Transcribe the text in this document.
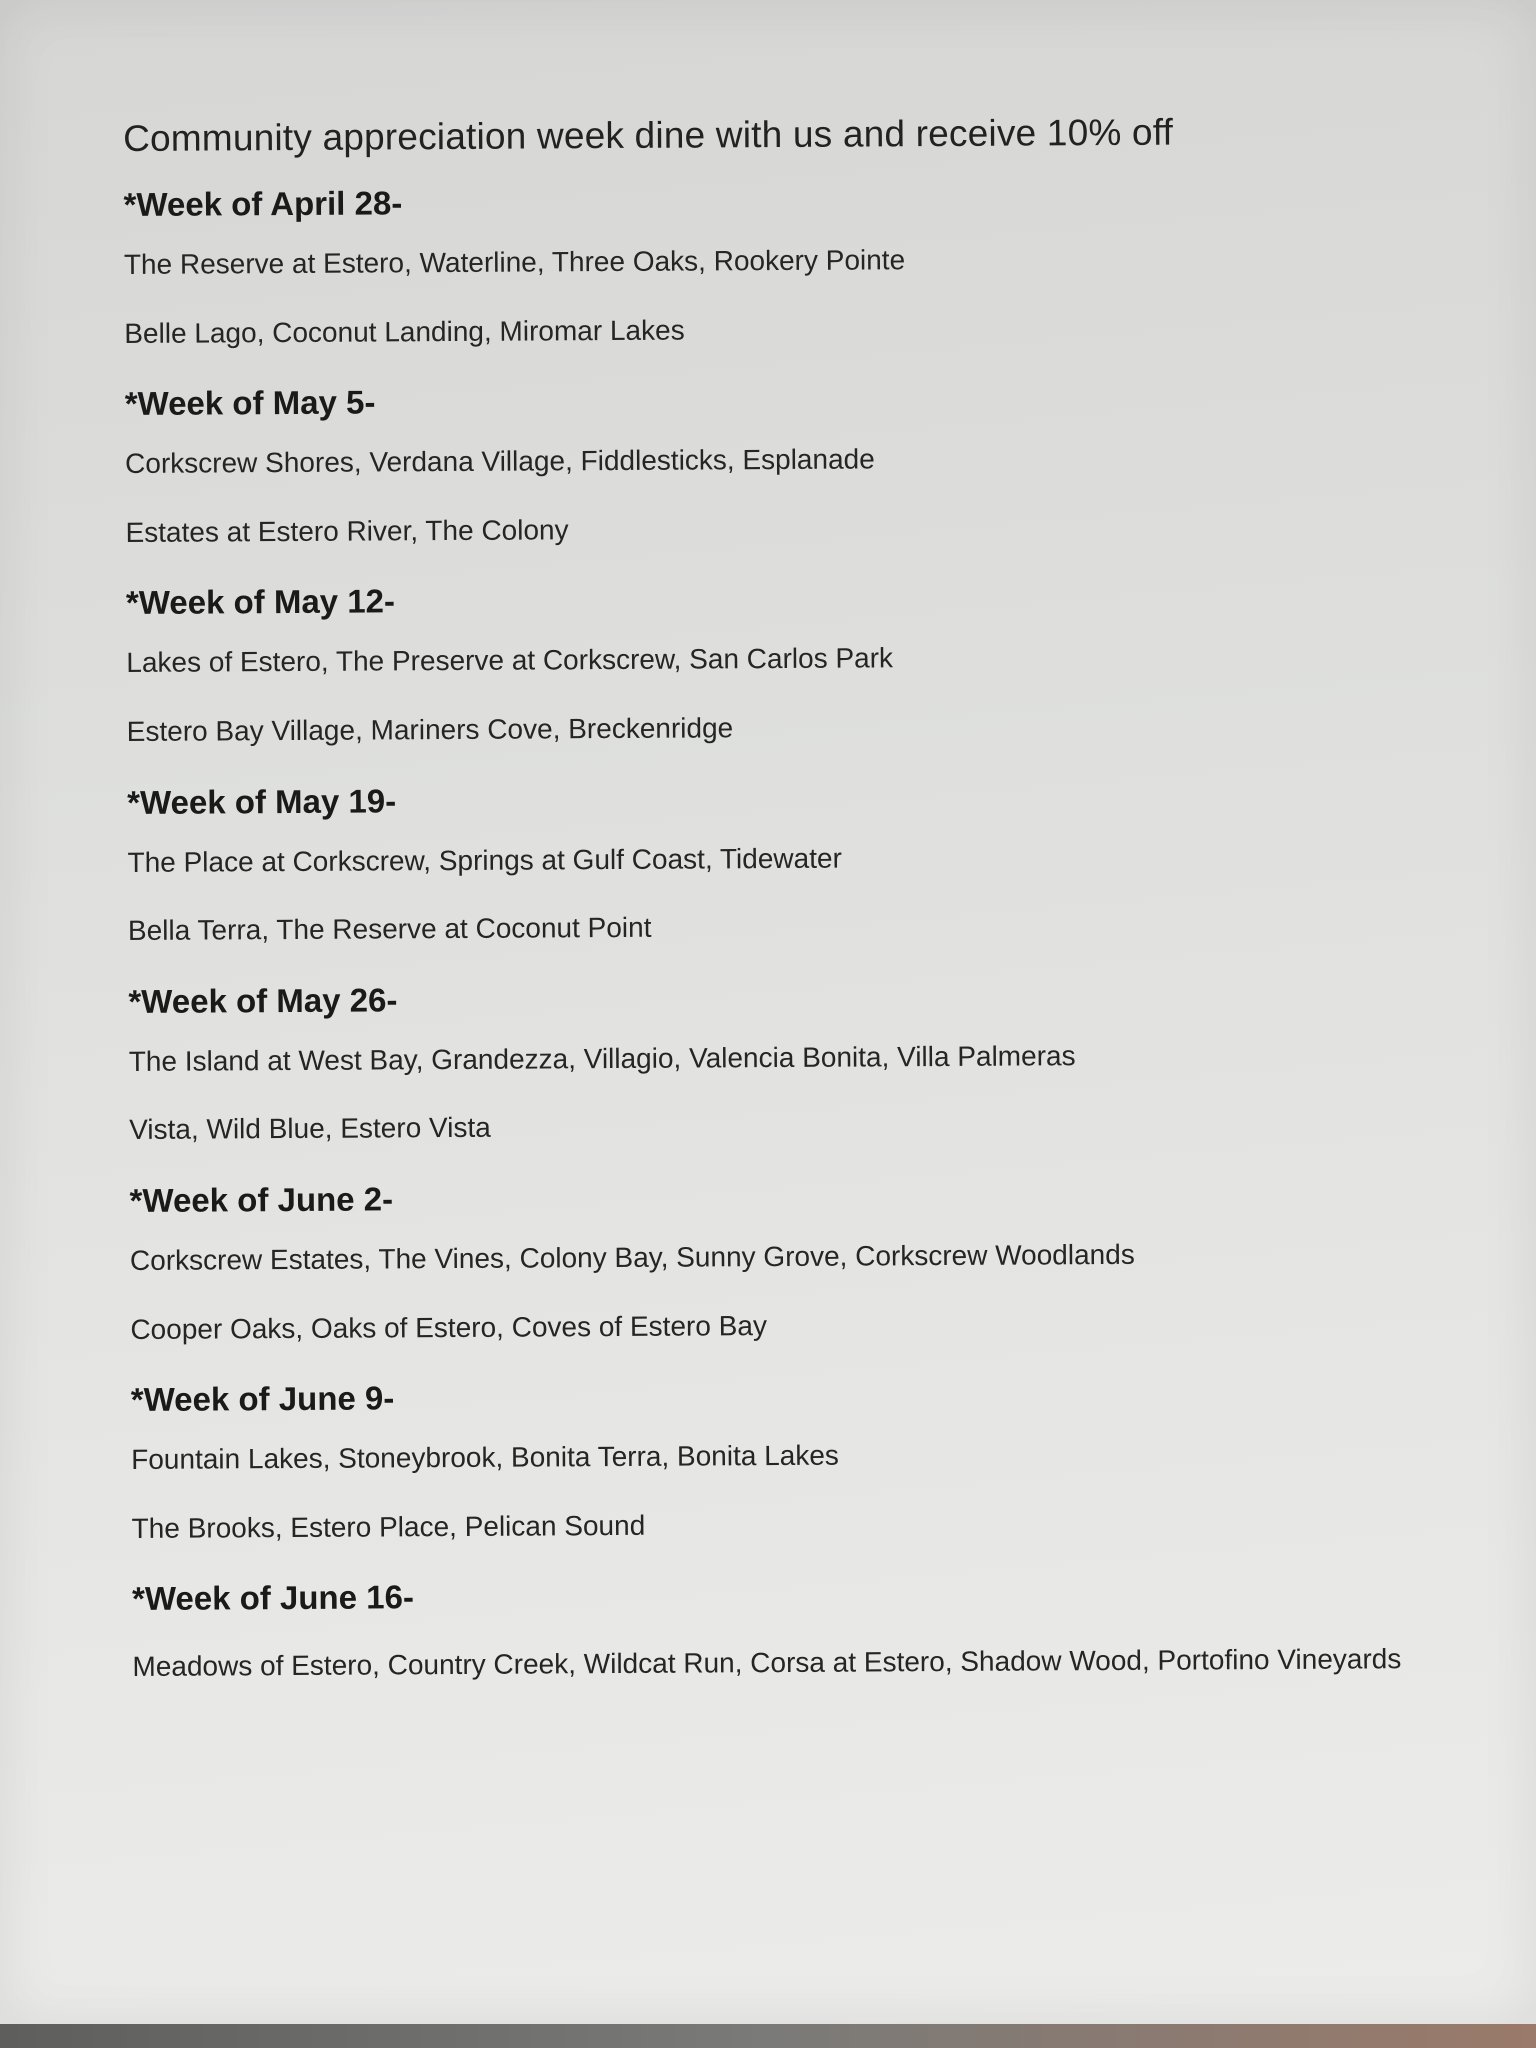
Community appreciation week dine with us and receive 10% off
*Week of April 28-
The Reserve at Estero, Waterline, Three Oaks, Rookery Pointe
Belle Lago, Coconut Landing, Miromar Lakes
*Week of May 5-
Corkscrew Shores, Verdana Village, Fiddlesticks, Esplanade
Estates at Estero River, The Colony
*Week of May 12-
Lakes of Estero, The Preserve at Corkscrew, San Carlos Park
Estero Bay Village, Mariners Cove, Breckenridge
*Week of May 19-
The Place at Corkscrew, Springs at Gulf Coast, Tidewater
Bella Terra, The Reserve at Coconut Point
*Week of May 26-
The Island at West Bay, Grandezza, Villagio, Valencia Bonita, Villa Palmeras
Vista, Wild Blue, Estero Vista
*Week of June 2-
Corkscrew Estates, The Vines, Colony Bay, Sunny Grove, Corkscrew Woodlands
Cooper Oaks, Oaks of Estero, Coves of Estero Bay
*Week of June 9-
Fountain Lakes, Stoneybrook, Bonita Terra, Bonita Lakes
The Brooks, Estero Place, Pelican Sound
*Week of June 16-
Meadows of Estero, Country Creek, Wildcat Run, Corsa at Estero, Shadow Wood, Portofino Vineyards
